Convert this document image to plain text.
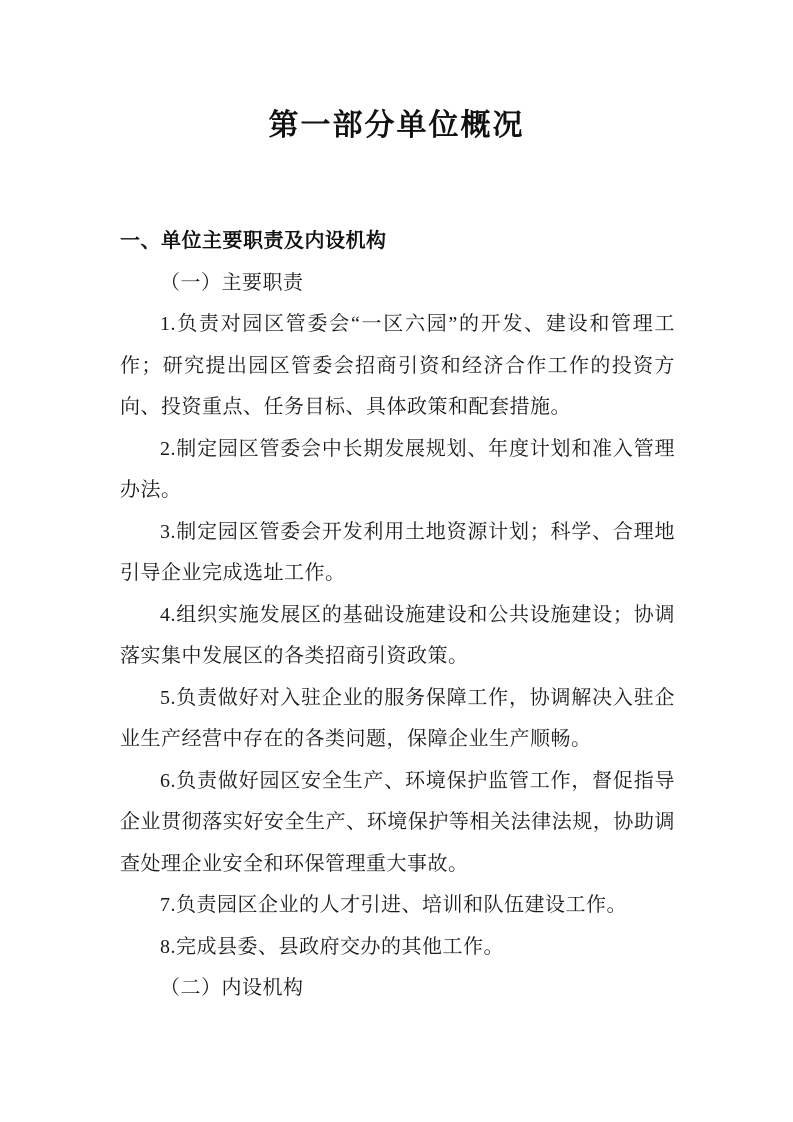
第一部分单位概况
一、单位主要职责及内设机构
（一）主要职责

1.负责对园区管委会“一区六园”的开发、建设和管理工作；研究提出园区管委会招商引资和经济合作工作的投资方向、投资重点、任务目标、具体政策和配套措施。

2.制定园区管委会中长期发展规划、年度计划和准入管理办法。

3.制定园区管委会开发利用土地资源计划；科学、合理地引导企业完成选址工作。

4.组织实施发展区的基础设施建设和公共设施建设；协调落实集中发展区的各类招商引资政策。

5.负责做好对入驻企业的服务保障工作，协调解决入驻企业生产经营中存在的各类问题，保障企业生产顺畅。

6.负责做好园区安全生产、环境保护监管工作，督促指导企业贯彻落实好安全生产、环境保护等相关法律法规，协助调查处理企业安全和环保管理重大事故。

7.负责园区企业的人才引进、培训和队伍建设工作。

8.完成县委、县政府交办的其他工作。

（二）内设机构
